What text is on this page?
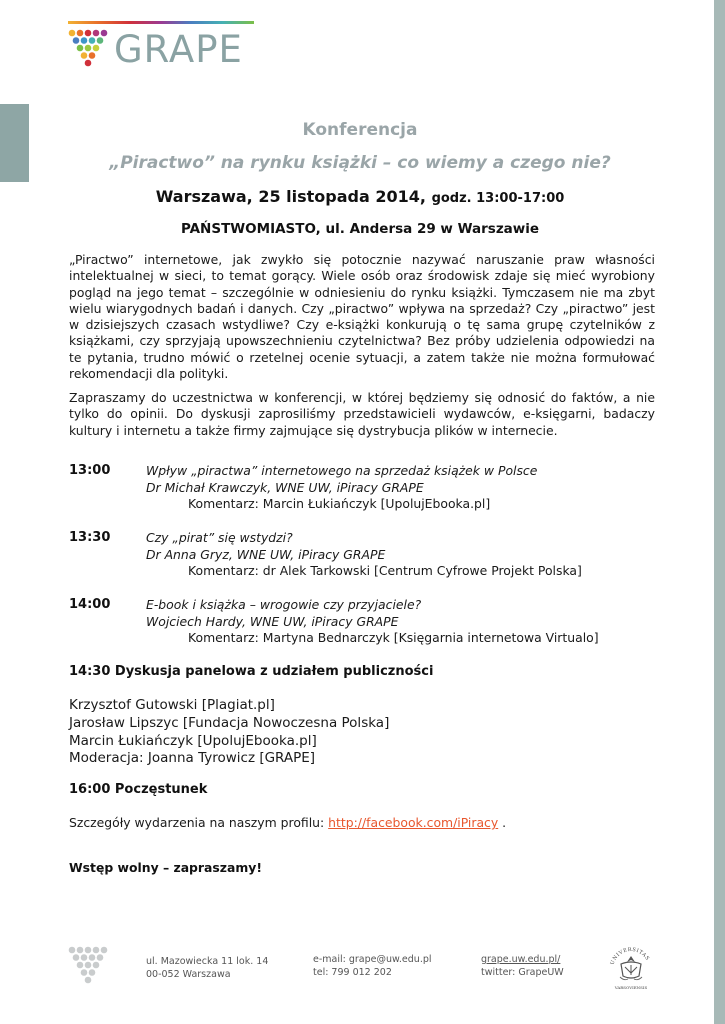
GRAPE
Konferencja
„Piractwo” na rynku książki – co wiemy a czego nie?
Warszawa, 25 listopada 2014, godz. 13:00-17:00
PAŃSTWOMIASTO, ul. Andersa 29 w Warszawie
„Piractwo” internetowe, jak zwykło się potocznie nazywać naruszanie praw własności intelektualnej w sieci, to temat gorący. Wiele osób oraz środowisk zdaje się mieć wyrobiony pogląd na jego temat – szczególnie w odniesieniu do rynku książki. Tymczasem nie ma zbyt wielu wiarygodnych badań i danych. Czy „piractwo” wpływa na sprzedaż? Czy „piractwo” jest w dzisiejszych czasach wstydliwe? Czy e-książki konkurują o tę sama grupę czytelników z książkami, czy sprzyjają upowszechnieniu czytelnictwa? Bez próby udzielenia odpowiedzi na te pytania, trudno mówić o rzetelnej ocenie sytuacji, a zatem także nie można formułować rekomendacji dla polityki.
Zapraszamy do uczestnictwa w konferencji, w której będziemy się odnosić do faktów, a nie tylko do opinii. Do dyskusji zaprosiliśmy przedstawicieli wydawców, e-księgarni, badaczy kultury i internetu a także firmy zajmujące się dystrybucja plików w internecie.
13:00	Wpływ „piractwa” internetowego na sprzedaż książek w Polsce
Dr Michał Krawczyk, WNE UW, iPiracy GRAPE
Komentarz: Marcin Łukiańczyk [UpolujEbooka.pl]
13:30	Czy „pirat” się wstydzi?
Dr Anna Gryz, WNE UW, iPiracy GRAPE
Komentarz: dr Alek Tarkowski [Centrum Cyfrowe Projekt Polska]
14:00	E-book i książka – wrogowie czy przyjaciele?
Wojciech Hardy, WNE UW, iPiracy GRAPE
Komentarz: Martyna Bednarczyk [Księgarnia internetowa Virtualo]
14:30 Dyskusja panelowa z udziałem publiczności
Krzysztof Gutowski [Plagiat.pl]
Jarosław Lipszyc [Fundacja Nowoczesna Polska]
Marcin Łukiańczyk [UpolujEbooka.pl]
Moderacja: Joanna Tyrowicz [GRAPE]
16:00 Poczęstunek
Szczegóły wydarzenia na naszym profilu: http://facebook.com/iPiracy .
Wstęp wolny – zapraszamy!
ul. Mazowiecka 11 lok. 14
00-052 Warszawa
e-mail: grape@uw.edu.pl
tel: 799 012 202
grape.uw.edu.pl/
twitter: GrapeUW
UNIVERSITAS
VARSOVIENSIS
